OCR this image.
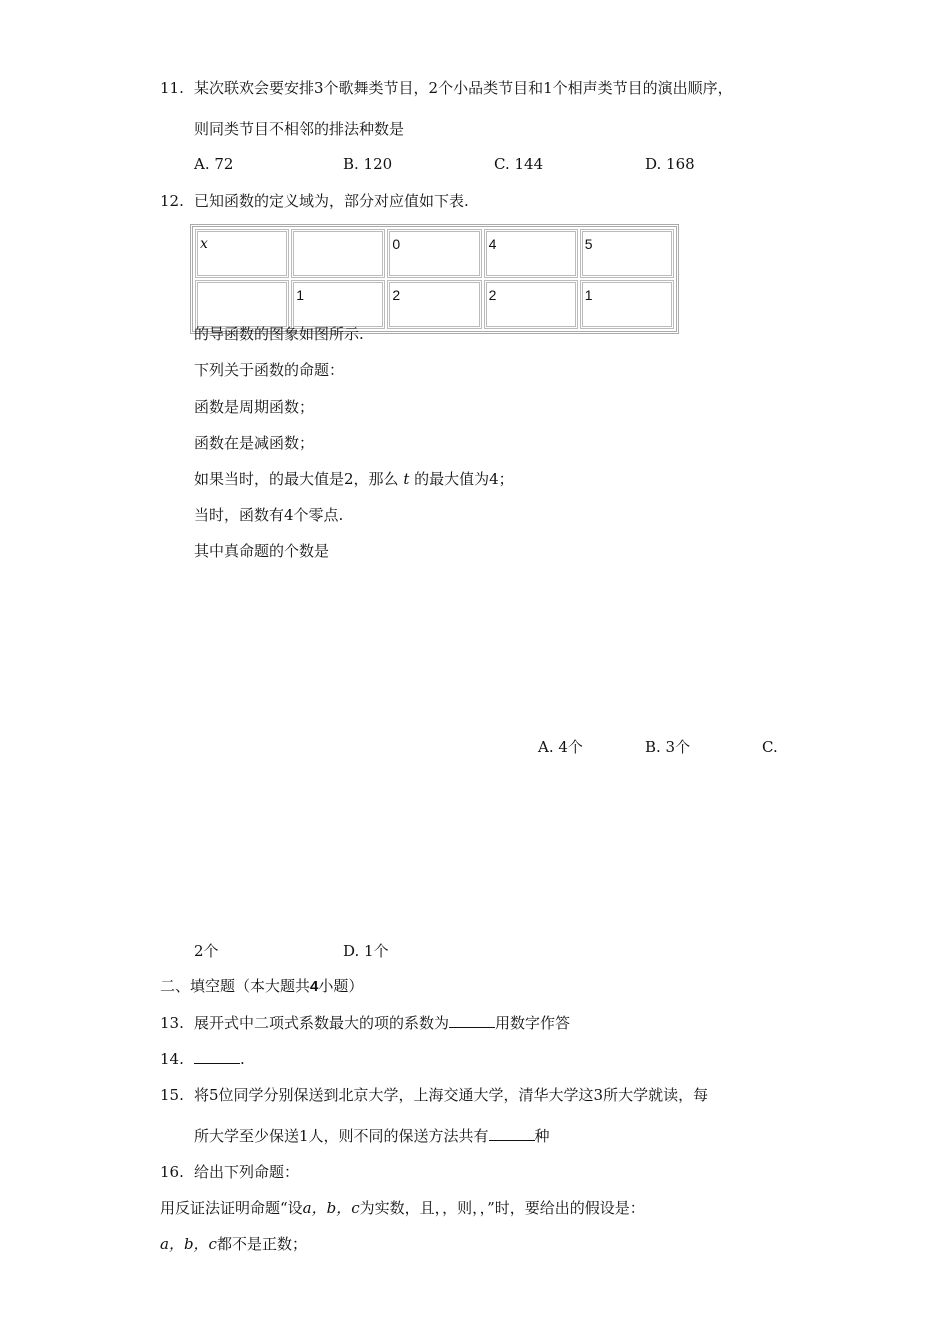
11. 某次联欢会要安排3个歌舞类节目，2个小品类节目和1个相声类节目的演出顺序，
则同类节目不相邻的排法种数是
A. 72	B. 120	C. 144	D. 168
12. 已知函数的定义域为，部分对应值如下表.
x		0	4	5
	1	2	2	1
的导函数的图象如图所示.
下列关于函数的命题：
函数是周期函数；
函数在是减函数；
如果当时，的最大值是2，那么 t 的最大值为4；
当时，函数有4个零点.
其中真命题的个数是
A. 4个	B. 3个	C.
2个	D. 1个
二、填空题（本大题共4小题）
13. 展开式中二项式系数最大的项的系数为	用数字作答
14.	.
15. 将5位同学分别保送到北京大学，上海交通大学，清华大学这3所大学就读，每
所大学至少保送1人，则不同的保送方法共有	种
16. 给出下列命题：
用反证法证明命题“设a，b，c为实数，且，，则，，”时，要给出的假设是：
a，b，c都不是正数；
